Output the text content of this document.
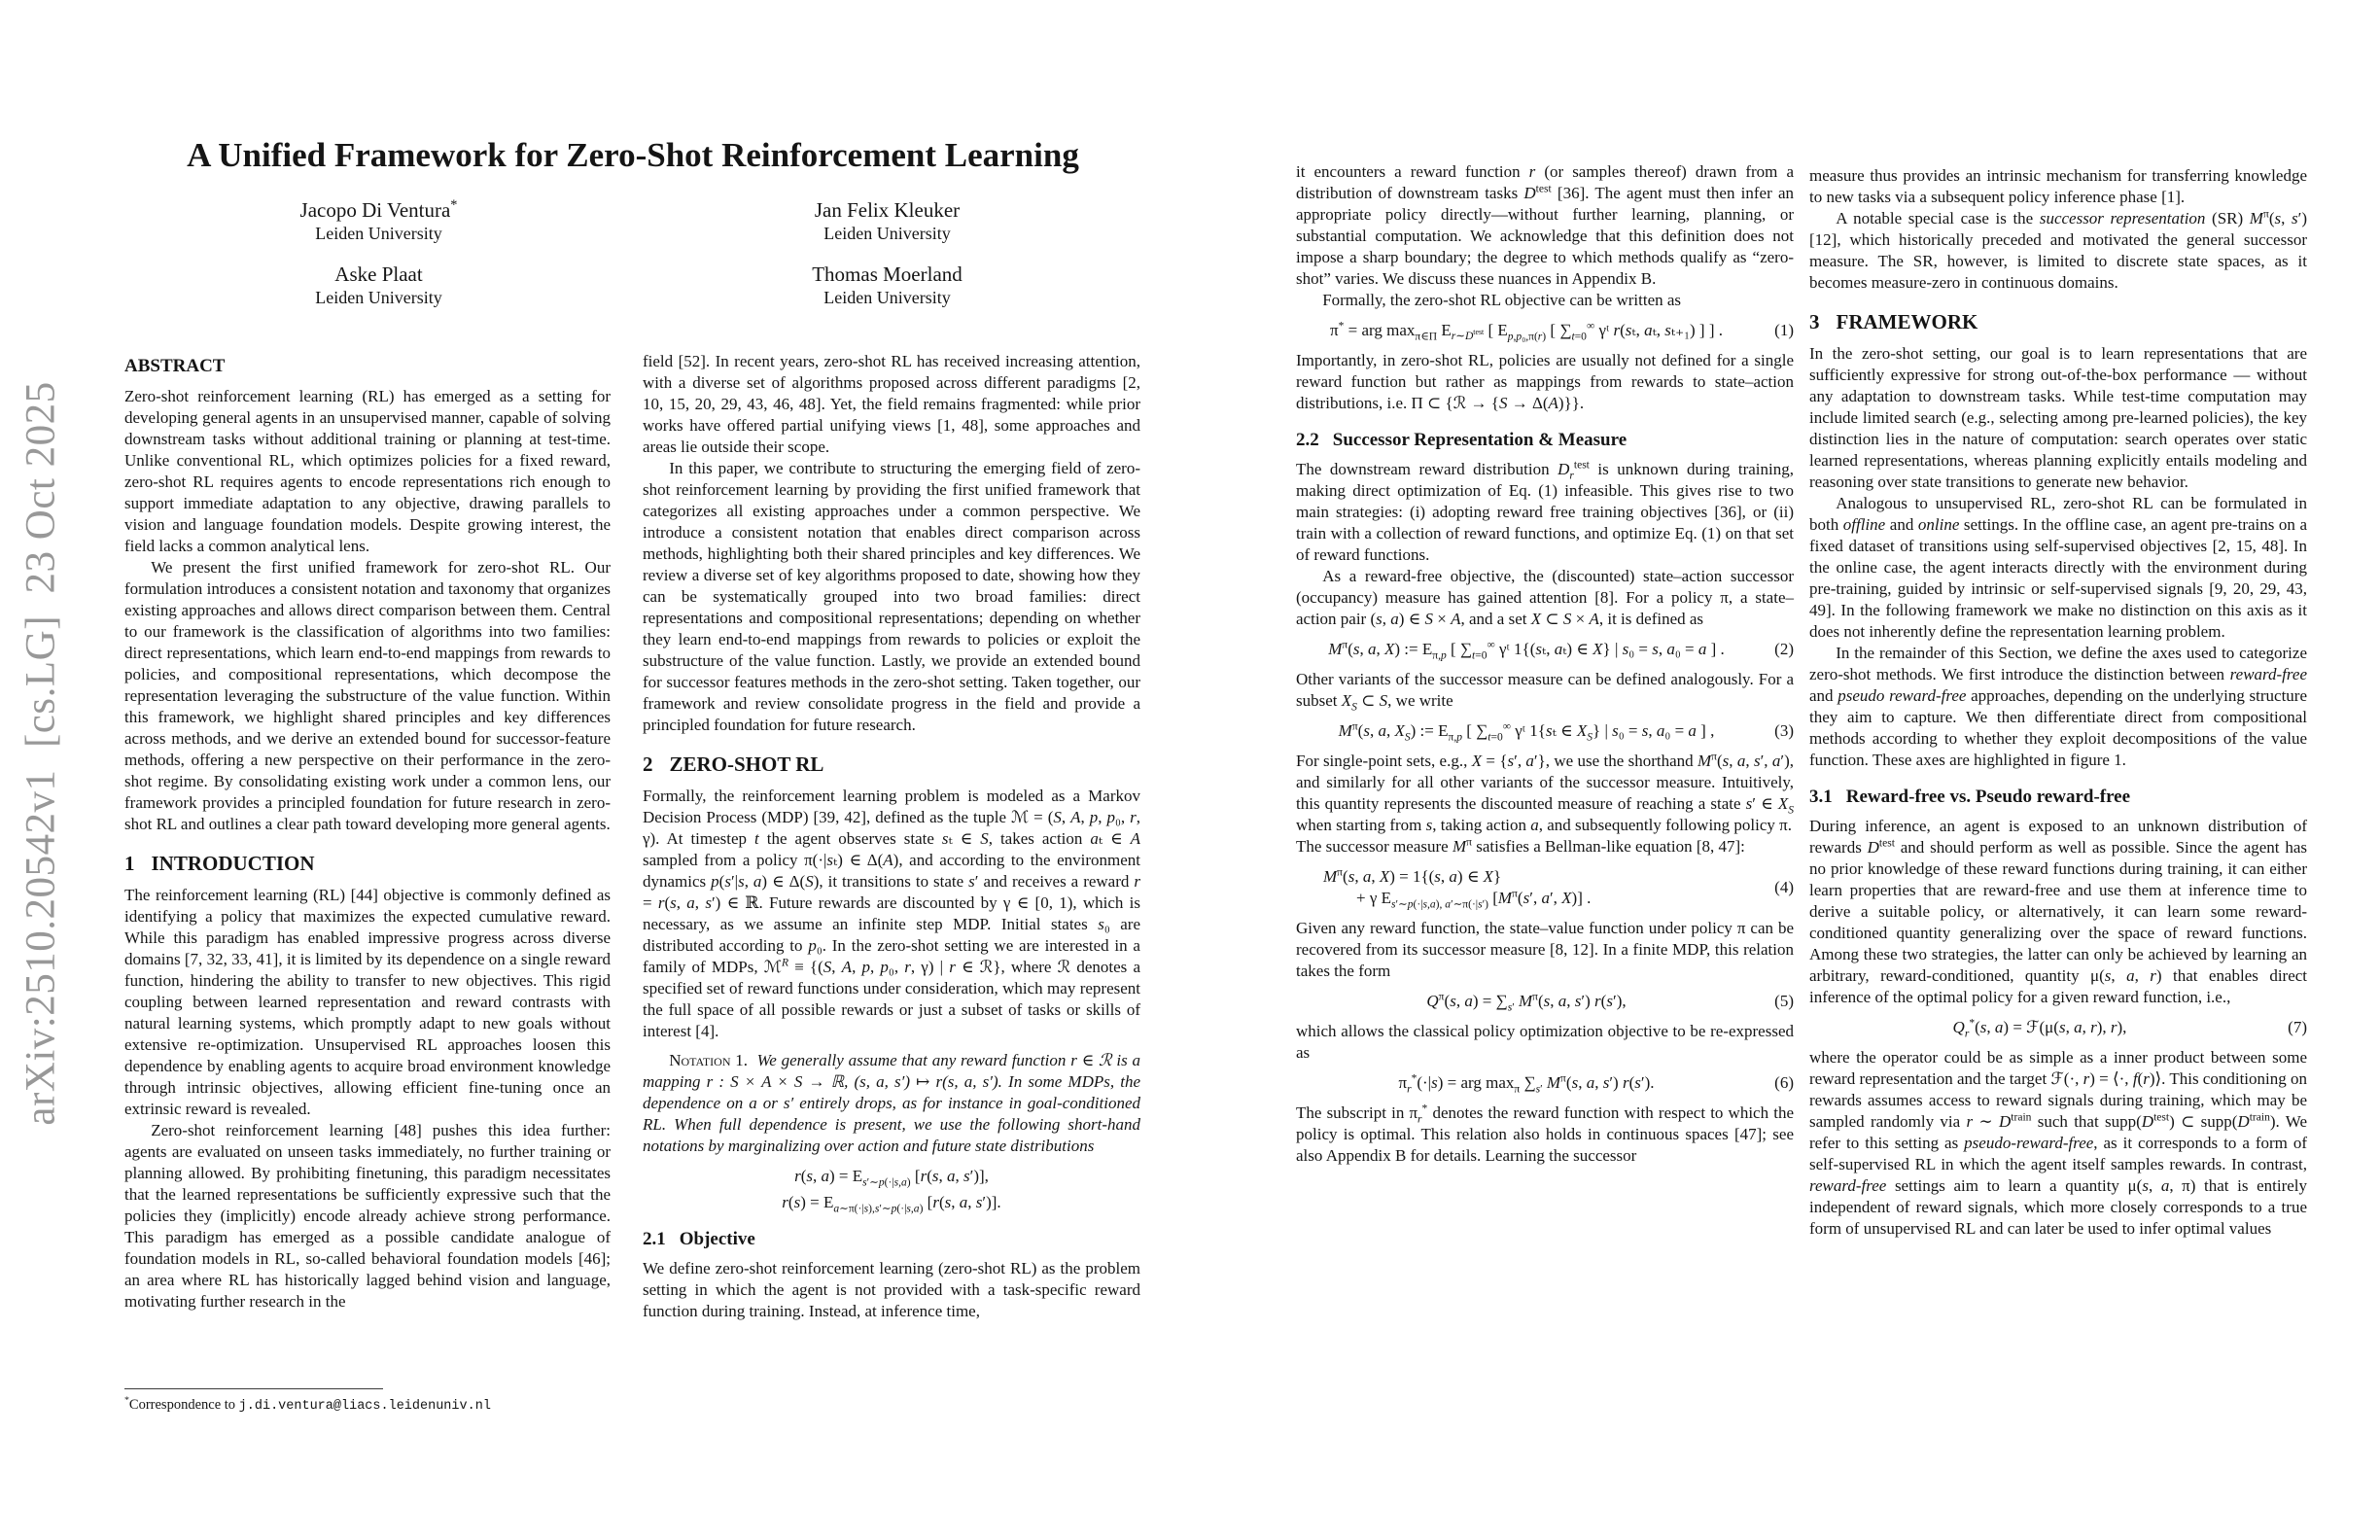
arXiv:2510.20542v1  [cs.LG]  23 Oct 2025
A Unified Framework for Zero-Shot Reinforcement Learning
Jacopo Di Ventura*
Leiden University
Jan Felix Kleuker
Leiden University
Aske Plaat
Leiden University
Thomas Moerland
Leiden University
ABSTRACT

Zero-shot reinforcement learning (RL) has emerged as a setting for developing general agents in an unsupervised manner, capable of solving downstream tasks without additional training or planning at test-time. Unlike conventional RL, which optimizes policies for a fixed reward, zero-shot RL requires agents to encode representations rich enough to support immediate adaptation to any objective, drawing parallels to vision and language foundation models. Despite growing interest, the field lacks a common analytical lens.

We present the first unified framework for zero-shot RL. Our formulation introduces a consistent notation and taxonomy that organizes existing approaches and allows direct comparison between them. Central to our framework is the classification of algorithms into two families: direct representations, which learn end-to-end mappings from rewards to policies, and compositional representations, which decompose the representation leveraging the substructure of the value function. Within this framework, we highlight shared principles and key differences across methods, and we derive an extended bound for successor-feature methods, offering a new perspective on their performance in the zero-shot regime. By consolidating existing work under a common lens, our framework provides a principled foundation for future research in zero-shot RL and outlines a clear path toward developing more general agents.

1 INTRODUCTION

The reinforcement learning (RL) [44] objective is commonly defined as identifying a policy that maximizes the expected cumulative reward. While this paradigm has enabled impressive progress across diverse domains [7, 32, 33, 41], it is limited by its dependence on a single reward function, hindering the ability to transfer to new objectives. This rigid coupling between learned representation and reward contrasts with natural learning systems, which promptly adapt to new goals without extensive re-optimization. Unsupervised RL approaches loosen this dependence by enabling agents to acquire broad environment knowledge through intrinsic objectives, allowing efficient fine-tuning once an extrinsic reward is revealed.

Zero-shot reinforcement learning [48] pushes this idea further: agents are evaluated on unseen tasks immediately, no further training or planning allowed. By prohibiting finetuning, this paradigm necessitates that the learned representations be sufficiently expressive such that the policies they (implicitly) encode already achieve strong performance. This paradigm has emerged as a possible candidate analogue of foundation models in RL, so-called behavioral foundation models [46]; an area where RL has historically lagged behind vision and language, motivating further research in the

*Correspondence to j.di.ventura@liacs.leidenuniv.nl

field [52]. In recent years, zero-shot RL has received increasing attention, with a diverse set of algorithms proposed across different paradigms [2, 10, 15, 20, 29, 43, 46, 48]. Yet, the field remains fragmented: while prior works have offered partial unifying views [1, 48], some approaches and areas lie outside their scope.

In this paper, we contribute to structuring the emerging field of zero-shot reinforcement learning by providing the first unified framework that categorizes all existing approaches under a common perspective. We introduce a consistent notation that enables direct comparison across methods, highlighting both their shared principles and key differences. We review a diverse set of key algorithms proposed to date, showing how they can be systematically grouped into two broad families: direct representations and compositional representations; depending on whether they learn end-to-end mappings from rewards to policies or exploit the substructure of the value function. Lastly, we provide an extended bound for successor features methods in the zero-shot setting. Taken together, our framework and review consolidate progress in the field and provide a principled foundation for future research.

2 ZERO-SHOT RL

Formally, the reinforcement learning problem is modeled as a Markov Decision Process (MDP) [39, 42], defined as the tuple ℳ = (S, A, p, p₀, r, γ). At timestep t the agent observes state sₜ ∈ S, takes action aₜ ∈ A sampled from a policy π(·|sₜ) ∈ Δ(A), and according to the environment dynamics p(s′|s, a) ∈ Δ(S), it transitions to state s′ and receives a reward r = r(s, a, s′) ∈ ℝ. Future rewards are discounted by γ ∈ [0, 1), which is necessary, as we assume an infinite step MDP. Initial states s₀ are distributed according to p₀. In the zero-shot setting we are interested in a family of MDPs, ℳ$^R$ ≡ {(S, A, p, p₀, r, γ) | r ∈ ℛ}, where ℛ denotes a specified set of reward functions under consideration, which may represent the full space of all possible rewards or just a subset of tasks or skills of interest [4].

Notation 1. We generally assume that any reward function r ∈ ℛ is a mapping r : S × A × S → ℝ, (s, a, s′) ↦ r(s, a, s′). In some MDPs, the dependence on a or s′ entirely drops, as for instance in goal-conditioned RL. When full dependence is present, we use the following short-hand notations by marginalizing over action and future state distributions

r(s, $a) = E_{s'\sim p(\cdot|s,a)}$ [r(s, a, s′)],
$r(s) = E_{a\sim\pi(\cdot|s),s'\sim p(\cdot|s,a)}$ [r(s, a, s′)].
2.1 Objective

We define zero-shot reinforcement learning (zero-shot RL) as the problem setting in which the agent is not provided with a task-specific reward function during training. Instead, at inference time,

it encounters a reward function r (or samples thereof) drawn from a distribution of downstream tasks $D^{test}$ [36]. The agent must then infer an appropriate policy directly—without further learning, planning, or substantial computation. We acknowledge that this definition does not impose a sharp boundary; the degree to which methods qualify as “zero-shot” varies. We discuss these nuances in Appendix B.

Formally, the zero-shot RL objective can be written as

π* = arg $\max_{\pi\in\Pi} E_{r\sim D^{test}}$ [ $E_{p,p_0,\pi(r)}$ [ $\sum_{t=0}^\infty$ γᵗ r(sₜ, aₜ, sₜ₊₁) ] ] .	(1)

Importantly, in zero-shot RL, policies are usually not defined for a single reward function but rather as mappings from rewards to state–action distributions, i.e. Π ⊂ {ℛ → {S → Δ(A)}}.

2.2 Successor Representation & Measure

The downstream reward distribution $D_r^{test}$ is unknown during training, making direct optimization of Eq. (1) infeasible. This gives rise to two main strategies: (i) adopting reward free training objectives [36], or (ii) train with a collection of reward functions, and optimize Eq. (1) on that set of reward functions.

As a reward-free objective, the (discounted) state–action successor (occupancy) measure has gained attention [8]. For a policy π, a state–action pair (s, a) ∈ S × A, and a set X ⊂ S × A, it is defined as

$M^\pi(s$, a, X) := $E_{\pi,p}$ [ $\sum_{t=0}^\infty$ γᵗ 1{(sₜ, aₜ) ∈ X} | s₀ = s, a₀ = a ] .	(2)

Other variants of the successor measure can be defined analogously. For a subset $X_S$ ⊂ S, we write

$M^\pi(s$, a, $X_S$) := $E_{\pi,p}$ [ $\sum_{t=0}^\infty$ γᵗ 1{sₜ ∈ $X_S$} | s₀ = s, a₀ = a ] ,	(3)

For single-point sets, e.g., X = {s′, a′}, we use the shorthand $M^\pi(s$, a, s′, a′), and similarly for all other variants of the successor measure. Intuitively, this quantity represents the discounted measure of reaching a state s′ ∈ $X_S$ when starting from s, taking action a, and subsequently following policy π.

The successor measure $M^\pi$ satisfies a Bellman-like equation [8, 47]:

$M^\pi(s$, a, X) = 1{(s, a) ∈ X}
  + γ $E_{s'\sim p(\cdot|s,a), a'\sim\pi(\cdot|s')}$ [$M^\pi(s'$, a′, X)] .
(4)

Given any reward function, the state–value function under policy π can be recovered from its successor measure [8, 12]. In a finite MDP, this relation takes the form

$Q^\pi(s$, $a) = \sum_{s'}$ $M^\pi(s$, a, s′) r(s′),	(5)

which allows the classical policy optimization objective to be re-expressed as

$\pi_r^*(\cdot|s)$ = arg $\max_\pi \sum_{s'}$ $M^\pi(s$, a, s′) r(s′).	(6)

The subscript in $\pi_r^*$ denotes the reward function with respect to which the policy is optimal. This relation also holds in continuous spaces [47]; see also Appendix B for details. Learning the successor

measure thus provides an intrinsic mechanism for transferring knowledge to new tasks via a subsequent policy inference phase [1].

A notable special case is the successor representation (SR) $M^\pi(s$, s′) [12], which historically preceded and motivated the general successor measure. The SR, however, is limited to discrete state spaces, as it becomes measure-zero in continuous domains.

3 FRAMEWORK

In the zero-shot setting, our goal is to learn representations that are sufficiently expressive for strong out-of-the-box performance — without any adaptation to downstream tasks. While test-time computation may include limited search (e.g., selecting among pre-learned policies), the key distinction lies in the nature of computation: search operates over static learned representations, whereas planning explicitly entails modeling and reasoning over state transitions to generate new behavior.

Analogous to unsupervised RL, zero-shot RL can be formulated in both offline and online settings. In the offline case, an agent pre-trains on a fixed dataset of transitions using self-supervised objectives [2, 15, 48]. In the online case, the agent interacts directly with the environment during pre-training, guided by intrinsic or self-supervised signals [9, 20, 29, 43, 49]. In the following framework we make no distinction on this axis as it does not inherently define the representation learning problem.

In the remainder of this Section, we define the axes used to categorize zero-shot methods. We first introduce the distinction between reward-free and pseudo reward-free approaches, depending on the underlying structure they aim to capture. We then differentiate direct from compositional methods according to whether they exploit decompositions of the value function. These axes are highlighted in figure 1.

3.1 Reward-free vs. Pseudo reward-free

During inference, an agent is exposed to an unknown distribution of rewards $D^{test}$ and should perform as well as possible. Since the agent has no prior knowledge of these reward functions during training, it can either learn properties that are reward-free and use them at inference time to derive a suitable policy, or alternatively, it can learn some reward-conditioned quantity generalizing over the space of reward functions. Among these two strategies, the latter can only be achieved by learning an arbitrary, reward-conditioned, quantity μ(s, a, r) that enables direct inference of the optimal policy for a given reward function, i.e.,

$Q_r^*(s$, a) = ℱ(μ(s, a, r), r),	(7)

where the operator could be as simple as a inner product between some reward representation and the target ℱ(·, r) = ⟨·, f(r)⟩. This conditioning on rewards assumes access to reward signals during training, which may be sampled randomly via r ∼ $D^{train}$ such that $supp(D^{test})$ ⊂ $supp(D^{train})$. We refer to this setting as pseudo-reward-free, as it corresponds to a form of self-supervised RL in which the agent itself samples rewards. In contrast, reward-free settings aim to learn a quantity μ(s, a, π) that is entirely independent of reward signals, which more closely corresponds to a true form of unsupervised RL and can later be used to infer optimal values
